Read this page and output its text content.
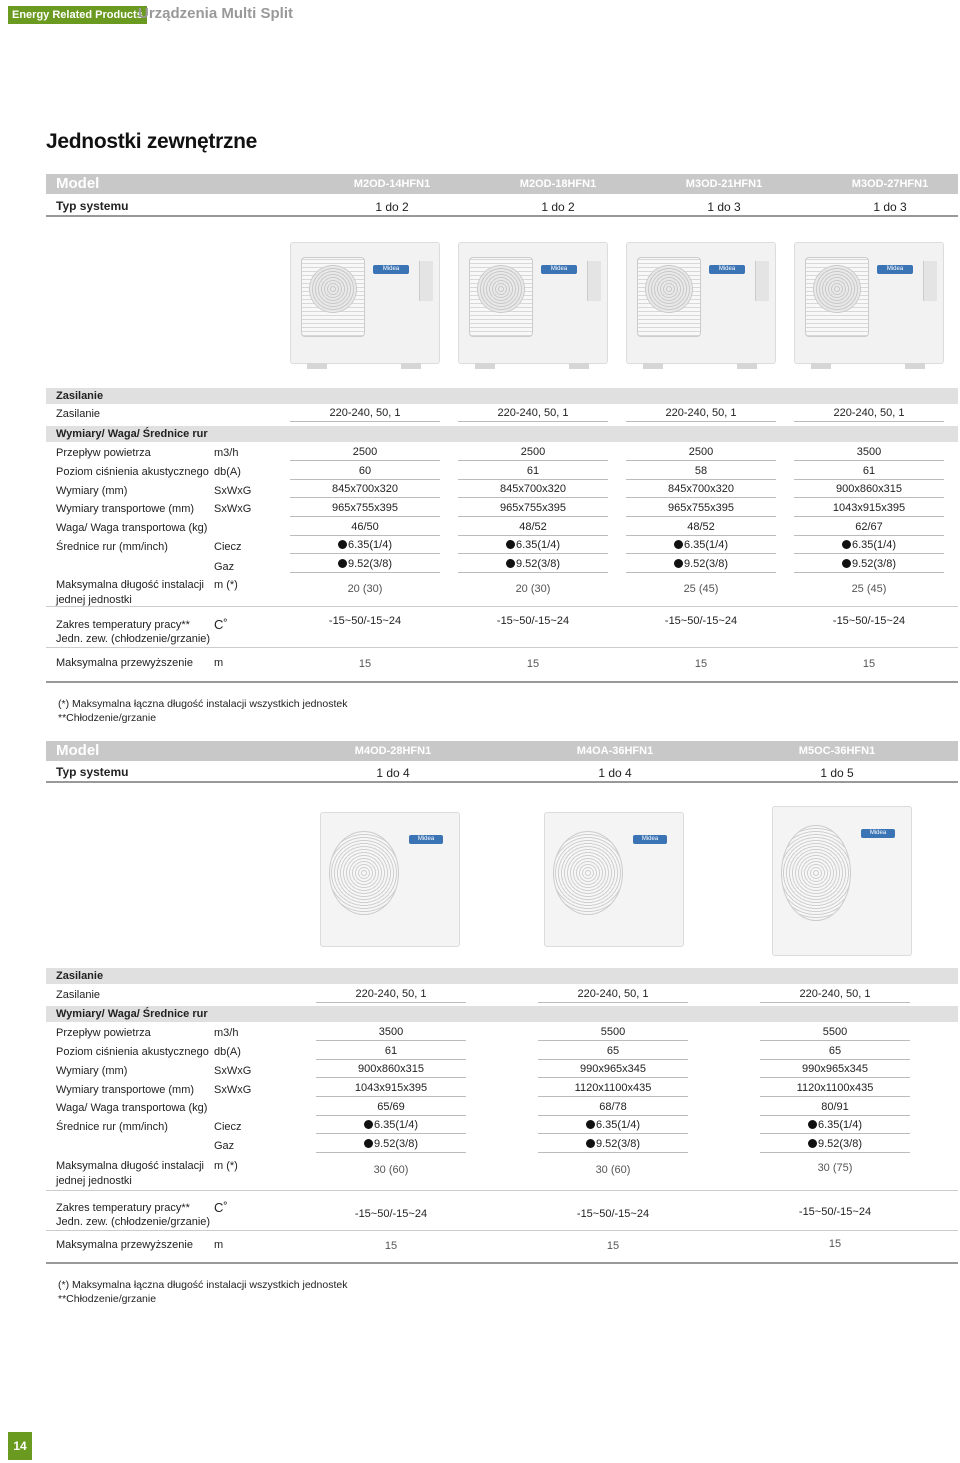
Energy Related Products
Urządzenia Multi Split
Jednostki zewnętrzne
Model	M2OD-14HFN1	M2OD-18HFN1	M3OD-21HFN1	M3OD-27HFN1
Typ systemu	1 do 2	1 do 2	1 do 3	1 do 3
Midea	Midea	Midea	Midea
Zasilanie
Zasilanie	220-240, 50, 1	220-240, 50, 1	220-240, 50, 1	220-240, 50, 1
Wymiary/ Waga/ Średnice rur
Przepływ powietrza	m3/h	2500	2500	2500	3500
Poziom ciśnienia akustycznego db(A)	60	61	58	61
Wymiary (mm)	SxWxG	845x700x320	845x700x320	845x700x320	900x860x315
Wymiary transportowe (mm) SxWxG	965x755x395	965x755x395	965x755x395	1043x915x395
Waga/ Waga transportowa (kg)	46/50	48/52	48/52	62/67
Średnice rur (mm/inch)	Ciecz	6.35(1/4)	6.35(1/4)	6.35(1/4)	6.35(1/4)
Gaz	9.52(3/8)	9.52(3/8)	9.52(3/8)	9.52(3/8)
Maksymalna długość instalacji
jednej jednostki
m (*)	20 (30)	20 (30)	25 (45)	25 (45)
Zakres temperatury pracy**
Jedn. zew. (chłodzenie/grzanie)
C˚	-15~50/-15~24	-15~50/-15~24	-15~50/-15~24	-15~50/-15~24
Maksymalna przewyższenie m	15	15	15	15
(*) Maksymalna łączna długość instalacji wszystkich jednostek
**Chłodzenie/grzanie
Model	M4OD-28HFN1	M4OA-36HFN1	M5OC-36HFN1
Typ systemu	1 do 4	1 do 4	1 do 5
Midea	Midea
Midea
Zasilanie
Zasilanie	220-240, 50, 1	220-240, 50, 1	220-240, 50, 1
Wymiary/ Waga/ Średnice rur
Przepływ powietrza	m3/h	3500	5500	5500
Poziom ciśnienia akustycznego db(A)	61	65	65
Wymiary (mm)	SxWxG	900x860x315	990x965x345	990x965x345
Wymiary transportowe (mm) SxWxG	1043x915x395	1120x1100x435	1120x1100x435
Waga/ Waga transportowa (kg)	65/69	68/78	80/91
Średnice rur (mm/inch)	Ciecz	6.35(1/4)	6.35(1/4)	6.35(1/4)
Gaz	9.52(3/8)	9.52(3/8)	9.52(3/8)
Maksymalna długość instalacji
jednej jednostki
m (*)	30 (60)	30 (60)	30 (75)
Zakres temperatury pracy**
Jedn. zew. (chłodzenie/grzanie)
C˚	-15~50/-15~24	-15~50/-15~24	-15~50/-15~24
Maksymalna przewyższenie m	15	15	15
(*) Maksymalna łączna długość instalacji wszystkich jednostek
**Chłodzenie/grzanie
14
